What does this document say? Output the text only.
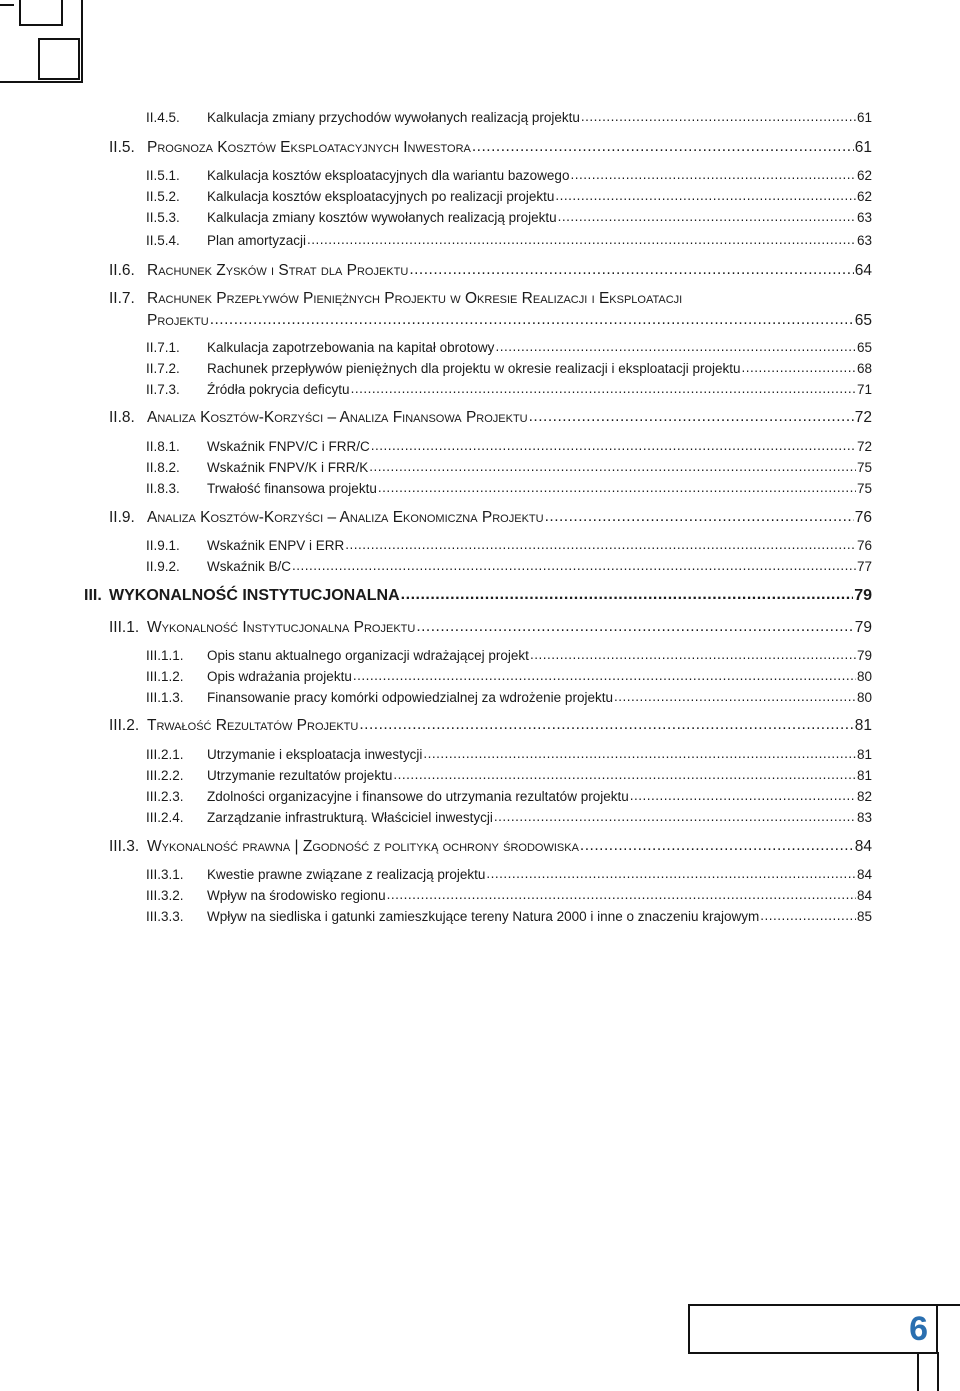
II.4.5.	Kalkulacja zmiany przychodów wywołanych realizacją projektu .....	61
II.5. Prognoza Kosztów Eksploatacyjnych Inwestora .....	61
II.5.1.	Kalkulacja kosztów eksploatacyjnych dla wariantu bazowego .....	62
II.5.2.	Kalkulacja kosztów eksploatacyjnych po realizacji projektu .....	62
II.5.3.	Kalkulacja zmiany kosztów wywołanych realizacją projektu .....	63
II.5.4.	Plan amortyzacji .....	63
II.6. Rachunek Zysków i Strat dla Projektu .....	64
II.7. Rachunek Przepływów Pieniężnych Projektu w Okresie Realizacji i Eksploatacji
Projektu .....	65
II.7.1.	Kalkulacja zapotrzebowania na kapitał obrotowy .....	65
II.7.2.	Rachunek przepływów pieniężnych dla projektu w okresie realizacji i eksploatacji projektu .....	68
II.7.3.	Źródła pokrycia deficytu .....	71
II.8. Analiza Kosztów-Korzyści – Analiza Finansowa Projektu .....	72
II.8.1.	Wskaźnik FNPV/C i FRR/C .....	72
II.8.2.	Wskaźnik FNPV/K i FRR/K .....	75
II.8.3.	Trwałość finansowa projektu .....	75
II.9. Analiza Kosztów-Korzyści – Analiza Ekonomiczna Projektu .....	76
II.9.1.	Wskaźnik ENPV i ERR .....	76
II.9.2.	Wskaźnik B/C .....	77
III. WYKONALNOŚĆ INSTYTUCJONALNA .....	79
III.1. Wykonalność Instytucjonalna Projektu .....	79
III.1.1.	Opis stanu aktualnego organizacji wdrażającej projekt .....	79
III.1.2.	Opis wdrażania projektu .....	80
III.1.3.	Finansowanie pracy komórki odpowiedzialnej za wdrożenie projektu .....	80
III.2. Trwałość Rezultatów Projektu .....	81
III.2.1.	Utrzymanie i eksploatacja inwestycji .....	81
III.2.2.	Utrzymanie rezultatów projektu .....	81
III.2.3.	Zdolności organizacyjne i finansowe do utrzymania rezultatów projektu .....	82
III.2.4.	Zarządzanie infrastrukturą. Właściciel inwestycji .....	83
III.3. Wykonalność prawna | Zgodność z polityką ochrony środowiska .....	84
III.3.1.	Kwestie prawne związane z realizacją projektu .....	84
III.3.2.	Wpływ na środowisko regionu .....	84
III.3.3.	Wpływ na siedliska i gatunki zamieszkujące tereny Natura 2000 i inne o znaczeniu krajowym .....	85
6
